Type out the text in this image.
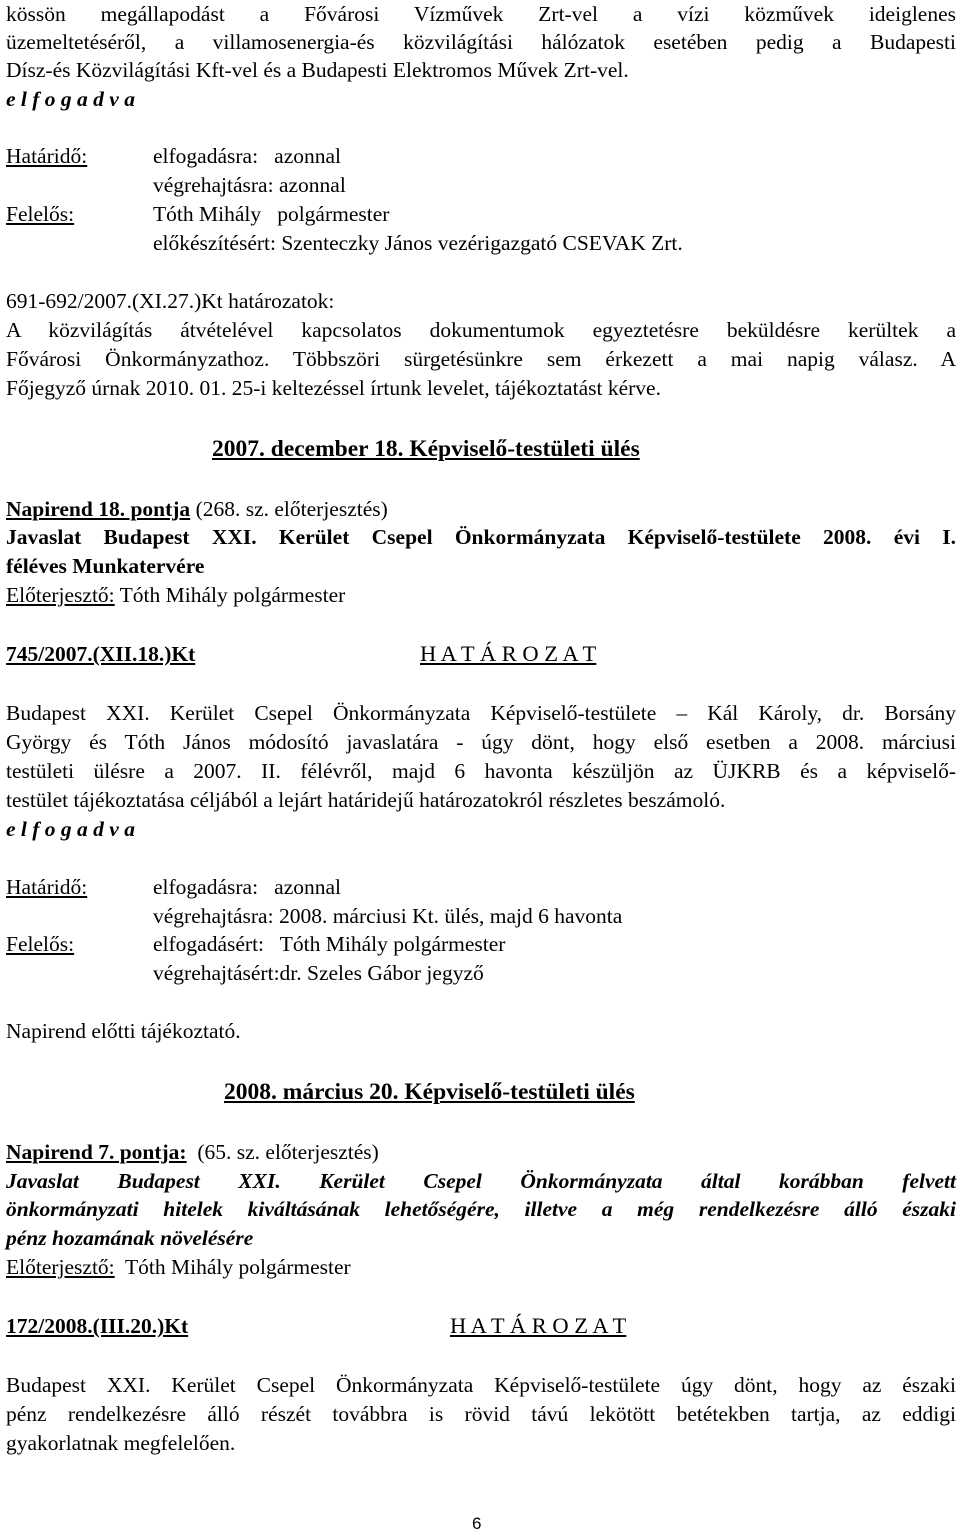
kössön megállapodást a Fővárosi Vízművek Zrt-vel a vízi közművek ideiglenes
üzemeltetéséről, a villamosenergia-és közvilágítási hálózatok esetében pedig a Budapesti
Dísz-és Közvilágítási Kft-vel és a Budapesti Elektromos Művek Zrt-vel.
e l f o g a d v a
Határidő:	elfogadásra:   azonnal
végrehajtásra: azonnal
Felelős:	Tóth Mihály   polgármester
előkészítésért: Szenteczky János vezérigazgató CSEVAK Zrt.
691-692/2007.(XI.27.)Kt határozatok:
A közvilágítás átvételével kapcsolatos dokumentumok egyeztetésre beküldésre kerültek a
Fővárosi Önkormányzathoz. Többszöri sürgetésünkre sem érkezett a mai napig válasz. A
Főjegyző úrnak 2010. 01. 25-i keltezéssel írtunk levelet, tájékoztatást kérve.
2007. december 18. Képviselő-testületi ülés
Napirend 18. pontja (268. sz. előterjesztés)
Javaslat Budapest XXI. Kerület Csepel Önkormányzata Képviselő-testülete 2008. évi I.
féléves Munkatervére
Előterjesztő: Tóth Mihály polgármester
745/2007.(XII.18.)Kt	H A T Á R O Z A T
Budapest XXI. Kerület Csepel Önkormányzata Képviselő-testülete – Kál Károly, dr. Borsány
György és Tóth János módosító javaslatára - úgy dönt, hogy első esetben a 2008. márciusi
testületi ülésre a 2007. II. félévről, majd 6 havonta készüljön az ÜJKRB és a képviselő-
testület tájékoztatása céljából a lejárt határidejű határozatokról részletes beszámoló.
e l f o g a d v a
Határidő:	elfogadásra:   azonnal
végrehajtásra: 2008. márciusi Kt. ülés, majd 6 havonta
Felelős:	elfogadásért:   Tóth Mihály polgármester
végrehajtásért:dr. Szeles Gábor jegyző
Napirend előtti tájékoztató.
2008. március 20. Képviselő-testületi ülés
Napirend 7. pontja:  (65. sz. előterjesztés)
Javaslat Budapest XXI. Kerület Csepel Önkormányzata által korábban felvett
önkormányzati hitelek kiváltásának lehetőségére, illetve a még rendelkezésre álló északi
pénz hozamának növelésére
Előterjesztő:  Tóth Mihály polgármester
172/2008.(III.20.)Kt	H A T Á R O Z A T
Budapest XXI. Kerület Csepel Önkormányzata Képviselő-testülete úgy dönt, hogy az északi
pénz rendelkezésre álló részét továbbra is rövid távú lekötött betétekben tartja, az eddigi
gyakorlatnak megfelelően.
6
